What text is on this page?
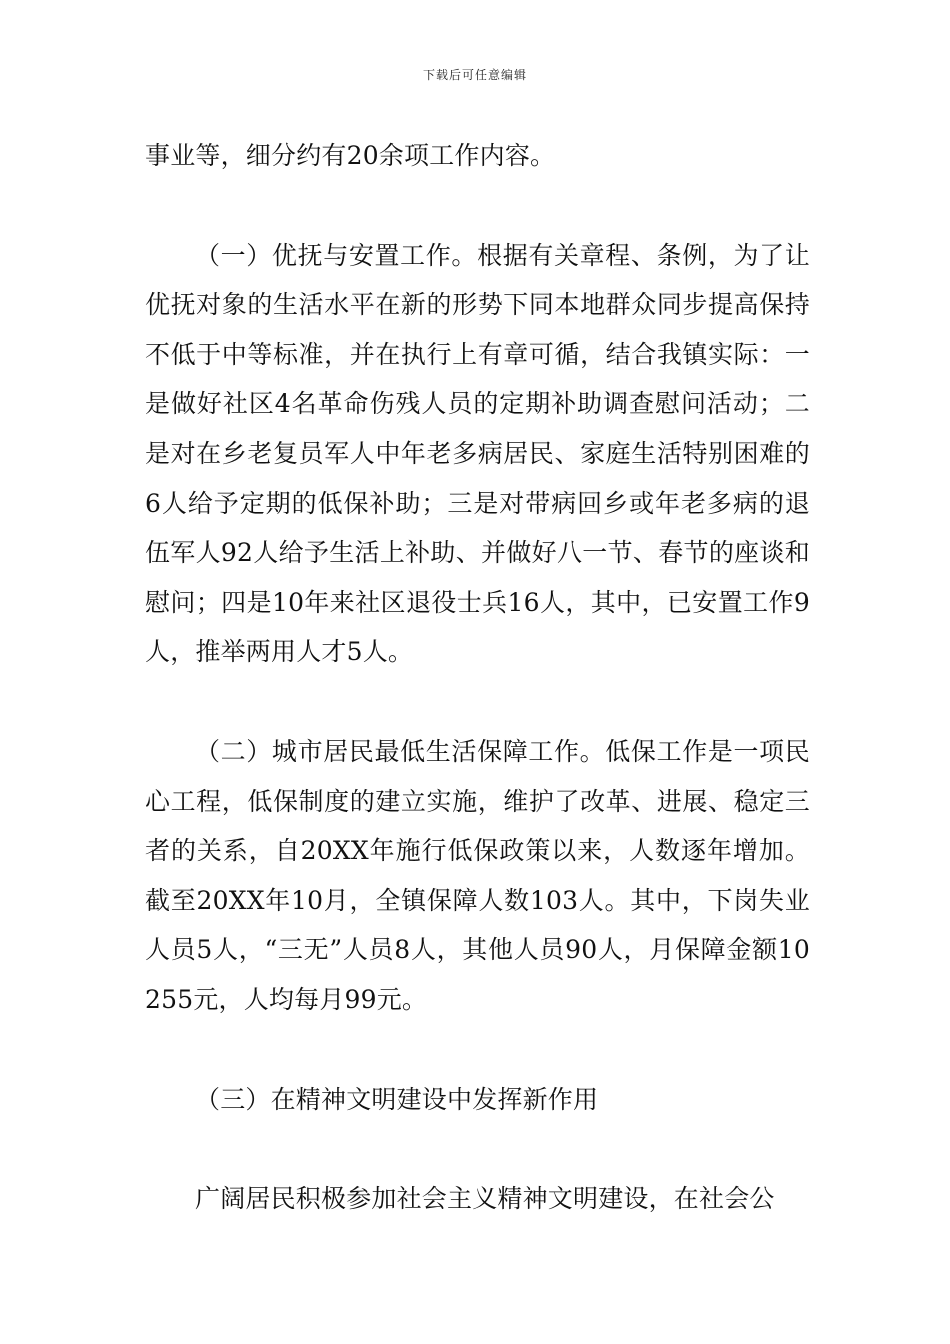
下载后可任意编辑

事业等，细分约有20余项工作内容。

（一）优抚与安置工作。根据有关章程、条例，为了让优抚对象的生活水平在新的形势下同本地群众同步提高保持不低于中等标准，并在执行上有章可循，结合我镇实际：一是做好社区4名革命伤残人员的定期补助调查慰问活动；二是对在乡老复员军人中年老多病居民、家庭生活特别困难的6人给予定期的低保补助；三是对带病回乡或年老多病的退伍军人92人给予生活上补助、并做好八一节、春节的座谈和慰问；四是10年来社区退役士兵16人，其中，已安置工作9人，推举两用人才5人。

（二）城市居民最低生活保障工作。低保工作是一项民心工程，低保制度的建立实施，维护了改革、进展、稳定三者的关系，自20XX年施行低保政策以来，人数逐年增加。截至20XX年10月，全镇保障人数103人。其中，下岗失业人员5人，“三无”人员8人，其他人员90人，月保障金额10255元，人均每月99元。

（三）在精神文明建设中发挥新作用

广阔居民积极参加社会主义精神文明建设，在社会公
